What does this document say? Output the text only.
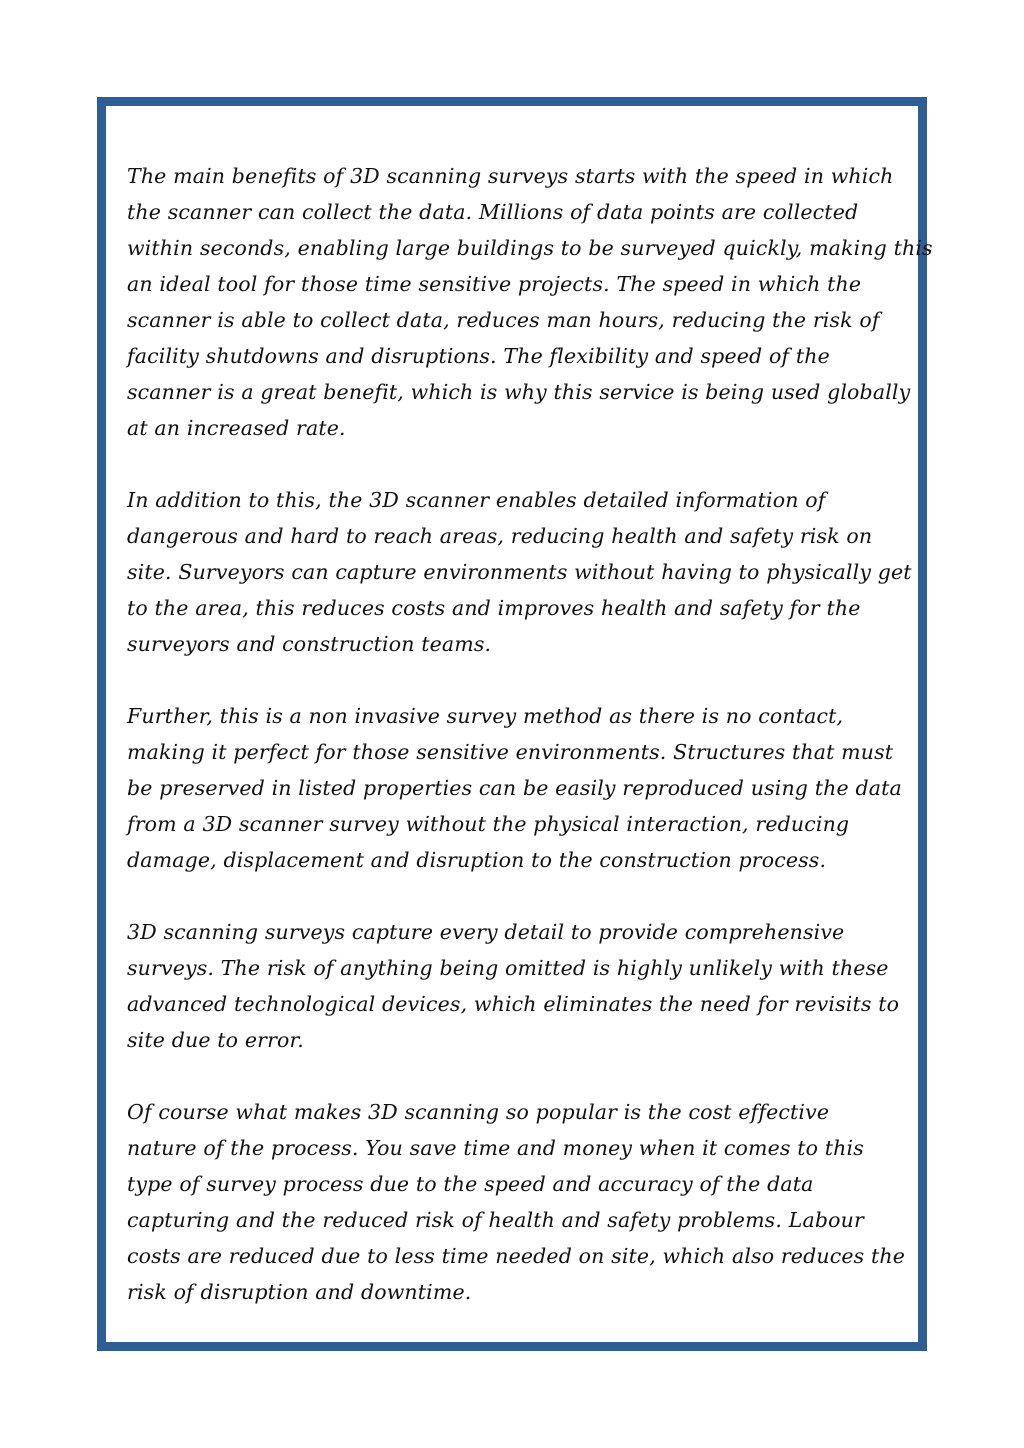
The main benefits of 3D scanning surveys starts with the speed in which
the scanner can collect the data. Millions of data points are collected
within seconds, enabling large buildings to be surveyed quickly, making this
an ideal tool for those time sensitive projects. The speed in which the
scanner is able to collect data, reduces man hours, reducing the risk of
facility shutdowns and disruptions. The flexibility and speed of the
scanner is a great benefit, which is why this service is being used globally
at an increased rate.

In addition to this, the 3D scanner enables detailed information of
dangerous and hard to reach areas, reducing health and safety risk on
site. Surveyors can capture environments without having to physically get
to the area, this reduces costs and improves health and safety for the
surveyors and construction teams.

Further, this is a non invasive survey method as there is no contact,
making it perfect for those sensitive environments. Structures that must
be preserved in listed properties can be easily reproduced using the data
from a 3D scanner survey without the physical interaction, reducing
damage, displacement and disruption to the construction process.

3D scanning surveys capture every detail to provide comprehensive
surveys. The risk of anything being omitted is highly unlikely with these
advanced technological devices, which eliminates the need for revisits to
site due to error.

Of course what makes 3D scanning so popular is the cost effective
nature of the process. You save time and money when it comes to this
type of survey process due to the speed and accuracy of the data
capturing and the reduced risk of health and safety problems. Labour
costs are reduced due to less time needed on site, which also reduces the
risk of disruption and downtime.
